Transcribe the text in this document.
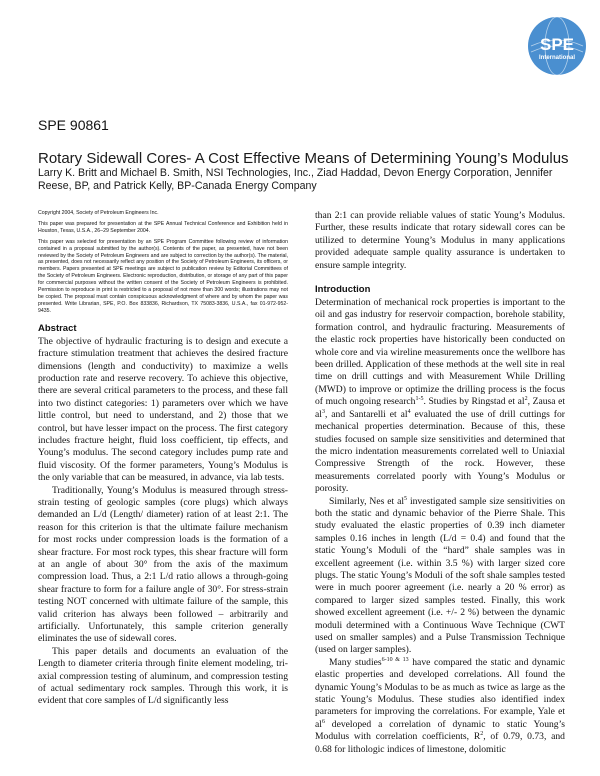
SPE
International
SPE 90861
Rotary Sidewall Cores- A Cost Effective Means of Determining Young’s Modulus
Larry K. Britt and Michael B. Smith, NSI Technologies, Inc., Ziad Haddad, Devon Energy Corporation, Jennifer Reese, BP, and Patrick Kelly, BP-Canada Energy Company

Copyright 2004, Society of Petroleum Engineers Inc.

This paper was prepared for presentation at the SPE Annual Technical Conference and Exhibition held in Houston, Texas, U.S.A., 26–29 September 2004.

This paper was selected for presentation by an SPE Program Committee following review of information contained in a proposal submitted by the author(s). Contents of the paper, as presented, have not been reviewed by the Society of Petroleum Engineers and are subject to correction by the author(s). The material, as presented, does not necessarily reflect any position of the Society of Petroleum Engineers, its officers, or members. Papers presented at SPE meetings are subject to publication review by Editorial Committees of the Society of Petroleum Engineers. Electronic reproduction, distribution, or storage of any part of this paper for commercial purposes without the written consent of the Society of Petroleum Engineers is prohibited. Permission to reproduce in print is restricted to a proposal of not more than 300 words; illustrations may not be copied. The proposal must contain conspicuous acknowledgment of where and by whom the paper was presented. Write Librarian, SPE, P.O. Box 833836, Richardson, TX 75083-3836, U.S.A., fax 01-972-952-9435.

Abstract

The objective of hydraulic fracturing is to design and execute a fracture stimulation treatment that achieves the desired fracture dimensions (length and conductivity) to maximize a wells production rate and reserve recovery. To achieve this objective, there are several critical parameters to the process, and these fall into two distinct categories: 1) parameters over which we have little control, but need to understand, and 2) those that we control, but have lesser impact on the process. The first category includes fracture height, fluid loss coefficient, tip effects, and Young’s modulus. The second category includes pump rate and fluid viscosity. Of the former parameters, Young’s Modulus is the only variable that can be measured, in advance, via lab tests.

Traditionally, Young’s Modulus is measured through stress-strain testing of geologic samples (core plugs) which always demanded an L/d (Length/ diameter) ration of at least 2:1. The reason for this criterion is that the ultimate failure mechanism for most rocks under compression loads is the formation of a shear fracture. For most rock types, this shear fracture will form at an angle of about 30° from the axis of the maximum compression load. Thus, a 2:1 L/d ratio allows a through-going shear fracture to form for a failure angle of 30°. For stress-strain testing NOT concerned with ultimate failure of the sample, this valid criterion has always been followed – arbitrarily and artificially. Unfortunately, this sample criterion generally eliminates the use of sidewall cores.

This paper details and documents an evaluation of the Length to diameter criteria through finite element modeling, tri-axial compression testing of aluminum, and compression testing of actual sedimentary rock samples. Through this work, it is evident that core samples of L/d significantly less

than 2:1 can provide reliable values of static Young’s Modulus. Further, these results indicate that rotary sidewall cores can be utilized to determine Young’s Modulus in many applications provided adequate sample quality assurance is undertaken to ensure sample integrity.

Introduction

Determination of mechanical rock properties is important to the oil and gas industry for reservoir compaction, borehole stability, formation control, and hydraulic fracturing. Measurements of the elastic rock properties have historically been conducted on whole core and via wireline measurements once the wellbore has been drilled. Application of these methods at the well site in real time on drill cuttings and with Measurement While Drilling (MWD) to improve or optimize the drilling process is the focus of much ongoing research$^{1-5}$. Studies by Ringstad et $al^2$, Zausa et $al^3$, and Santarelli et $al^4$ evaluated the use of drill cuttings for mechanical properties determination. Because of this, these studies focused on sample size sensitivities and determined that the micro indentation measurements correlated well to Uniaxial Compressive Strength of the rock. However, these measurements correlated poorly with Young’s Modulus or porosity.

Similarly, Nes et $al^5$ investigated sample size sensitivities on both the static and dynamic behavior of the Pierre Shale. This study evaluated the elastic properties of 0.39 inch diameter samples 0.16 inches in length (L/d = 0.4) and found that the static Young’s Moduli of the “hard” shale samples was in excellent agreement (i.e. within 3.5 %) with larger sized core plugs. The static Young’s Moduli of the soft shale samples tested were in much poorer agreement (i.e. nearly a 20 % error) as compared to larger sized samples tested. Finally, this work showed excellent agreement (i.e. +/- 2 %) between the dynamic moduli determined with a Continuous Wave Technique (CWT used on smaller samples) and a Pulse Transmission Technique (used on larger samples).

Many studies$^{6-10 \& 13}$ have compared the static and dynamic elastic properties and developed correlations. All found the dynamic Young’s Modulas to be as much as twice as large as the static Young’s Modulus. These studies also identified index parameters for improving the correlations. For example, Yale et $al^6$ developed a correlation of dynamic to static Young’s Modulus with correlation coefficients, $R^2$, of 0.79, 0.73, and 0.68 for lithologic indices of limestone, dolomitic
